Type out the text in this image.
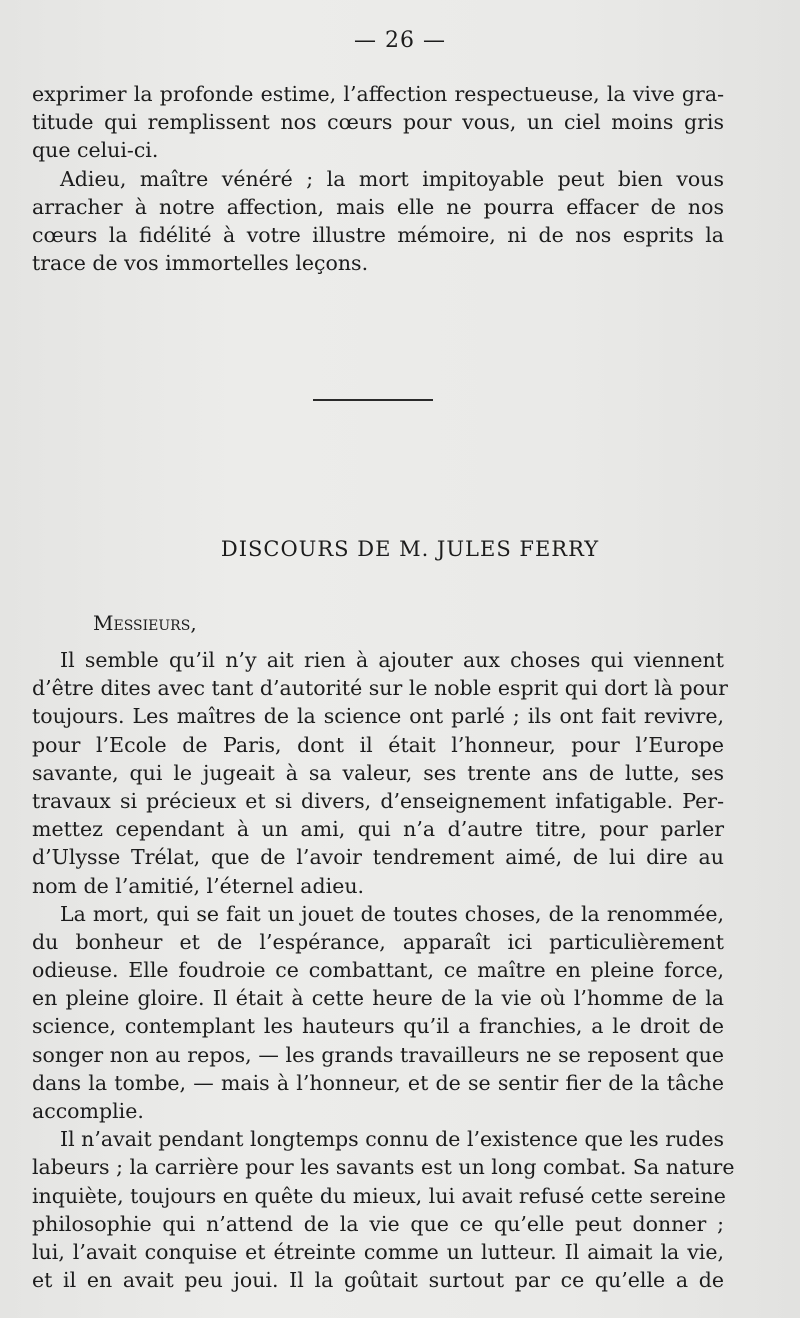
— 26 —
exprimer la profonde estime, l’affection respectueuse, la vive gra-
titude qui remplissent nos cœurs pour vous, un ciel moins gris
que celui-ci.
Adieu, maître vénéré ; la mort impitoyable peut bien vous
arracher à notre affection, mais elle ne pourra effacer de nos
cœurs la fidélité à votre illustre mémoire, ni de nos esprits la
trace de vos immortelles leçons.
DISCOURS DE M. JULES FERRY
Messieurs,
Il semble qu’il n’y ait rien à ajouter aux choses qui viennent
d’être dites avec tant d’autorité sur le noble esprit qui dort là pour
toujours. Les maîtres de la science ont parlé ; ils ont fait revivre,
pour l’Ecole de Paris, dont il était l’honneur, pour l’Europe
savante, qui le jugeait à sa valeur, ses trente ans de lutte, ses
travaux si précieux et si divers, d’enseignement infatigable. Per-
mettez cependant à un ami, qui n’a d’autre titre, pour parler
d’Ulysse Trélat, que de l’avoir tendrement aimé, de lui dire au
nom de l’amitié, l’éternel adieu.
La mort, qui se fait un jouet de toutes choses, de la renommée,
du bonheur et de l’espérance, apparaît ici particulièrement
odieuse. Elle foudroie ce combattant, ce maître en pleine force,
en pleine gloire. Il était à cette heure de la vie où l’homme de la
science, contemplant les hauteurs qu’il a franchies, a le droit de
songer non au repos, — les grands travailleurs ne se reposent que
dans la tombe, — mais à l’honneur, et de se sentir fier de la tâche
accomplie.
Il n’avait pendant longtemps connu de l’existence que les rudes
labeurs ; la carrière pour les savants est un long combat. Sa nature
inquiète, toujours en quête du mieux, lui avait refusé cette sereine
philosophie qui n’attend de la vie que ce qu’elle peut donner ;
lui, l’avait conquise et étreinte comme un lutteur. Il aimait la vie,
et il en avait peu joui. Il la goûtait surtout par ce qu’elle a de
